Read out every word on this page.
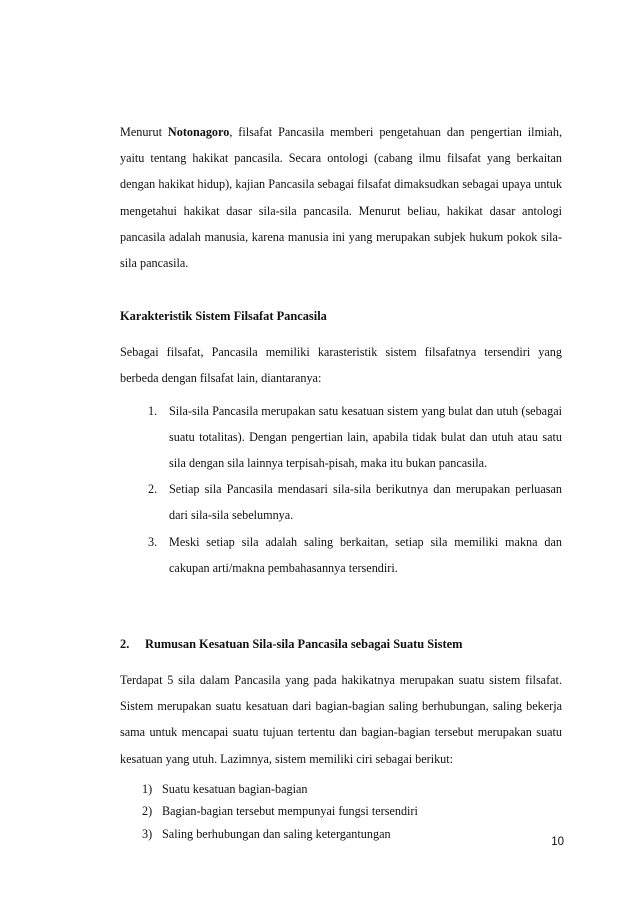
Menurut Notonagoro, filsafat Pancasila memberi pengetahuan dan pengertian ilmiah, yaitu tentang hakikat pancasila. Secara ontologi (cabang ilmu filsafat yang berkaitan dengan hakikat hidup), kajian Pancasila sebagai filsafat dimaksudkan sebagai upaya untuk mengetahui hakikat dasar sila-sila pancasila. Menurut beliau, hakikat dasar antologi pancasila adalah manusia, karena manusia ini yang merupakan subjek hukum pokok sila-sila pancasila.

Karakteristik Sistem Filsafat Pancasila

Sebagai filsafat, Pancasila memiliki karasteristik sistem filsafatnya tersendiri yang berbeda dengan filsafat lain, diantaranya:

1. Sila-sila Pancasila merupakan satu kesatuan sistem yang bulat dan utuh (sebagai suatu totalitas). Dengan pengertian lain, apabila tidak bulat dan utuh atau satu sila dengan sila lainnya terpisah-pisah, maka itu bukan pancasila.
2. Setiap sila Pancasila mendasari sila-sila berikutnya dan merupakan perluasan dari sila-sila sebelumnya.
3. Meski setiap sila adalah saling berkaitan, setiap sila memiliki makna dan cakupan arti/makna pembahasannya tersendiri.

2.	Rumusan Kesatuan Sila-sila Pancasila sebagai Suatu Sistem

Terdapat 5 sila dalam Pancasila yang pada hakikatnya merupakan suatu sistem filsafat. Sistem merupakan suatu kesatuan dari bagian-bagian saling berhubungan, saling bekerja sama untuk mencapai suatu tujuan tertentu dan bagian-bagian tersebut merupakan suatu kesatuan yang utuh. Lazimnya, sistem memiliki ciri sebagai berikut:

1) Suatu kesatuan bagian-bagian
2) Bagian-bagian tersebut mempunyai fungsi tersendiri
3) Saling berhubungan dan saling ketergantungan
10
